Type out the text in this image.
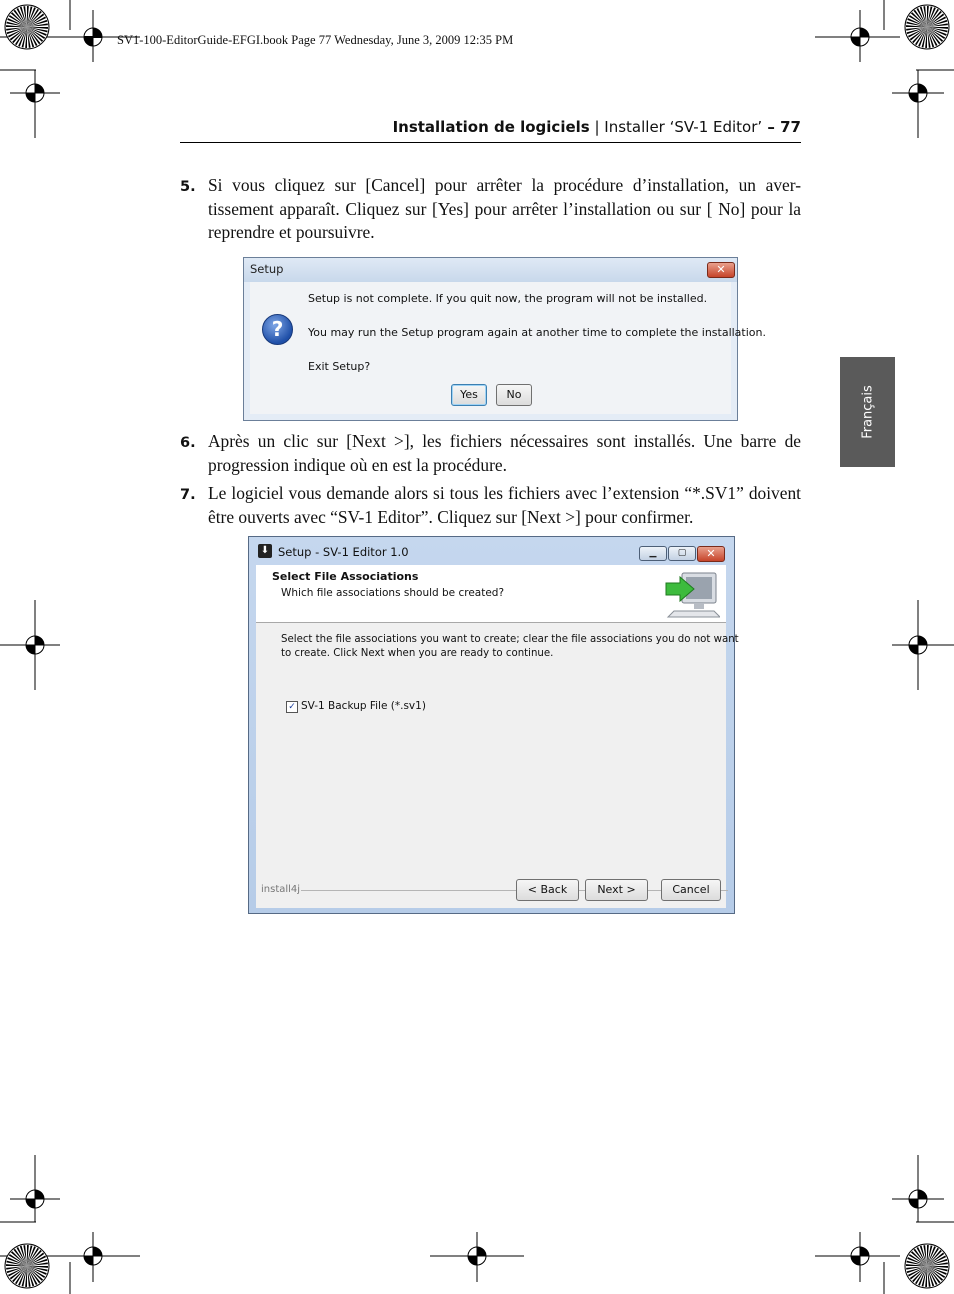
SV1-100-EditorGuide-EFGI.book Page 77 Wednesday, June 3, 2009 12:35 PM
Installation de logiciels | Installer ‘SV-1 Editor’ – 77
Français
5. Si vous cliquez sur [Cancel] pour arrêter la procédure d’installation, un aver-tissement apparaît. Cliquez sur [Yes] pour arrêter l’installation ou sur [ No] pour la reprendre et poursuivre.
Setup	✕
?
Setup is not complete. If you quit now, the program will not be installed.
You may run the Setup program again at another time to complete the installation.
Exit Setup?
Yes	No
6. Après un clic sur [Next >], les fichiers nécessaires sont installés. Une barre de progression indique où en est la procédure.
7. Le logiciel vous demande alors si tous les fichiers avec l’extension “*.SV1” doivent être ouverts avec “SV-1 Editor”. Cliquez sur [Next >] pour confirmer.
⬇ Setup - SV-1 Editor 1.0	▁	▢	✕
Select File Associations
Which file associations should be created?
Select the file associations you want to create; clear the file associations you do not want
to create. Click Next when you are ready to continue.
✓ SV-1 Backup File (*.sv1)
install4j	< Back	Next >	Cancel
